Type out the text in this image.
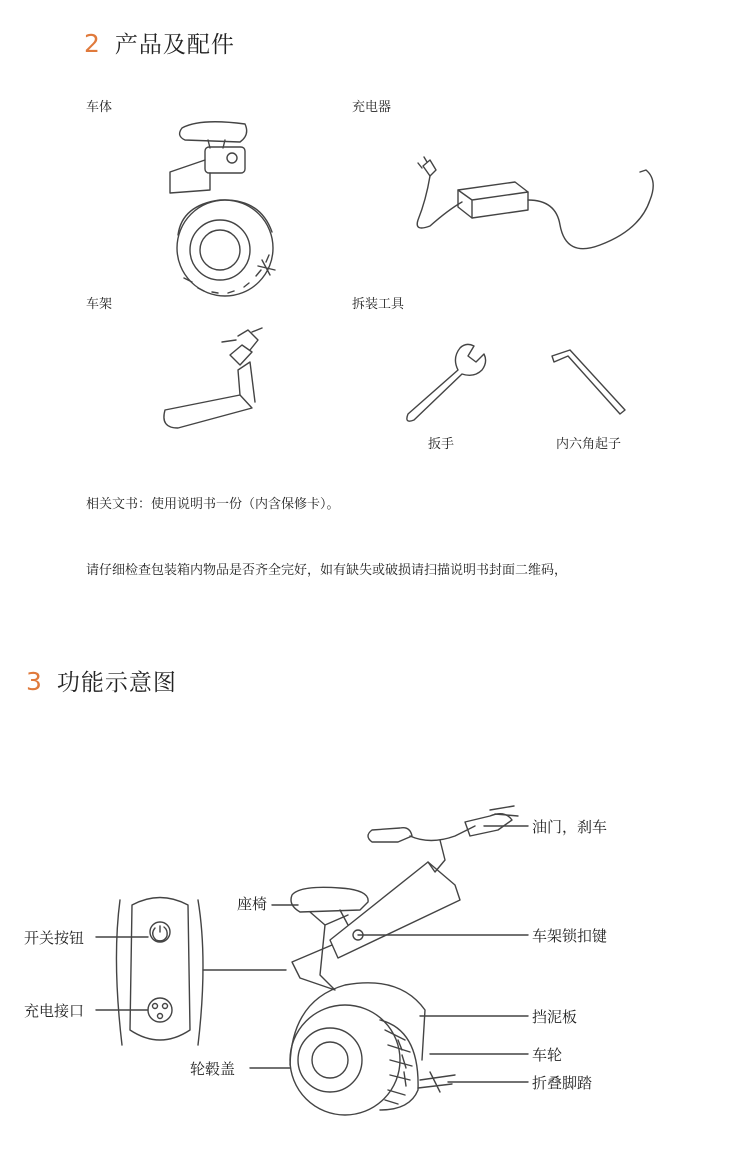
2 产品及配件
车体	充电器
车架	拆装工具
扳手	内六角起子
相关文书：使用说明书一份（内含保修卡）。
请仔细检查包装箱内物品是否齐全完好，如有缺失或破损请扫描说明书封面二维码，
3 功能示意图
油门，刹车
座椅
车架锁扣键
开关按钮
挡泥板
充电接口
车轮
轮毂盖
折叠脚踏
